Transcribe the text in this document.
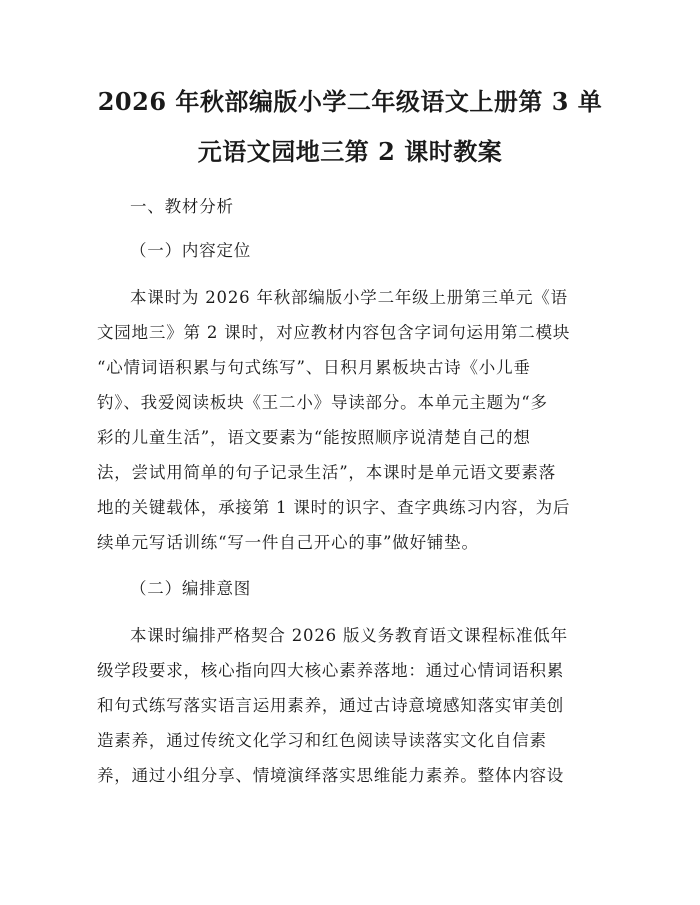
2026 年秋部编版小学二年级语文上册第 3 单
元语文园地三第 2 课时教案
一、教材分析
（一）内容定位
本课时为 2026 年秋部编版小学二年级上册第三单元《语
文园地三》第 2 课时，对应教材内容包含字词句运用第二模块
“心情词语积累与句式练写”、日积月累板块古诗《小儿垂
钓》、我爱阅读板块《王二小》导读部分。本单元主题为“多
彩的儿童生活”，语文要素为“能按照顺序说清楚自己的想
法，尝试用简单的句子记录生活”，本课时是单元语文要素落
地的关键载体，承接第 1 课时的识字、查字典练习内容，为后
续单元写话训练“写一件自己开心的事”做好铺垫。
（二）编排意图
本课时编排严格契合 2026 版义务教育语文课程标准低年
级学段要求，核心指向四大核心素养落地：通过心情词语积累
和句式练写落实语言运用素养，通过古诗意境感知落实审美创
造素养，通过传统文化学习和红色阅读导读落实文化自信素
养，通过小组分享、情境演绎落实思维能力素养。整体内容设
